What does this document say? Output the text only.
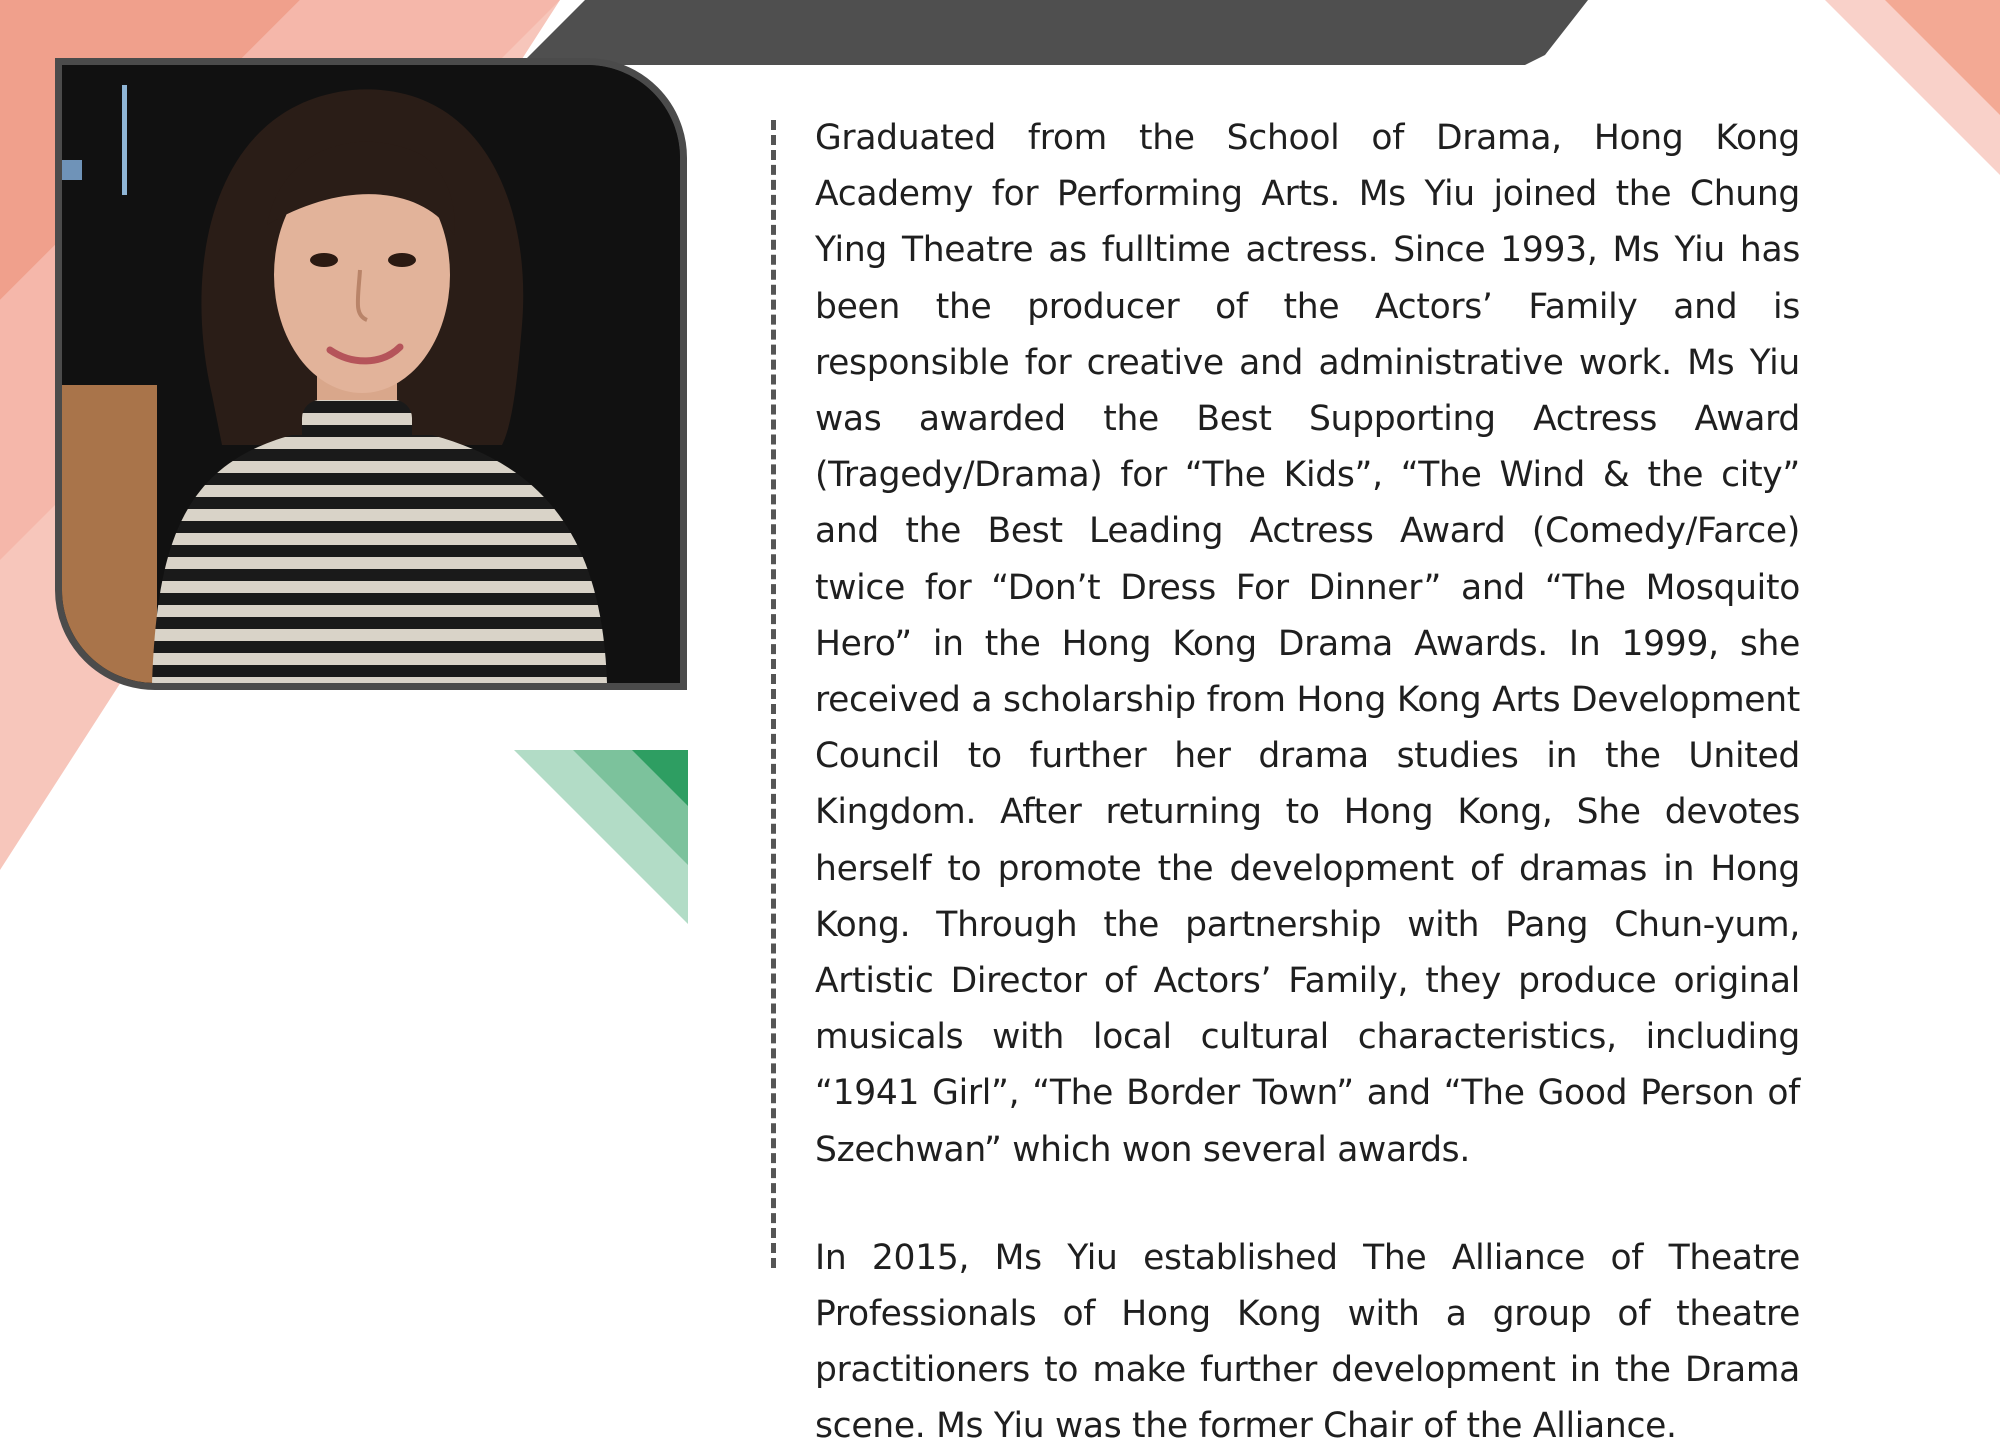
Graduated from the School of Drama, Hong Kong Academy for Performing Arts. Ms Yiu joined the Chung Ying Theatre as fulltime actress. Since 1993, Ms Yiu has been the producer of the Actors’ Family and is responsible for creative and administrative work. Ms Yiu was awarded the Best Supporting Actress Award (Tragedy/Drama) for “The Kids”, “The Wind & the city” and the Best Leading Actress Award (Comedy/Farce) twice for “Don’t Dress For Dinner” and “The Mosquito Hero” in the Hong Kong Drama Awards. In 1999, she received a scholarship from Hong Kong Arts Development Council to further her drama studies in the United Kingdom. After returning to Hong Kong, She devotes herself to promote the development of dramas in Hong Kong. Through the partnership with Pang Chun-yum, Artistic Director of Actors’ Family, they produce original musicals with local cultural characteristics, including “1941 Girl”, “The Border Town” and “The Good Person of Szechwan” which won several awards.

In 2015, Ms Yiu established The Alliance of Theatre Professionals of Hong Kong with a group of theatre practitioners to make further development in the Drama scene. Ms Yiu was the former Chair of the Alliance.
